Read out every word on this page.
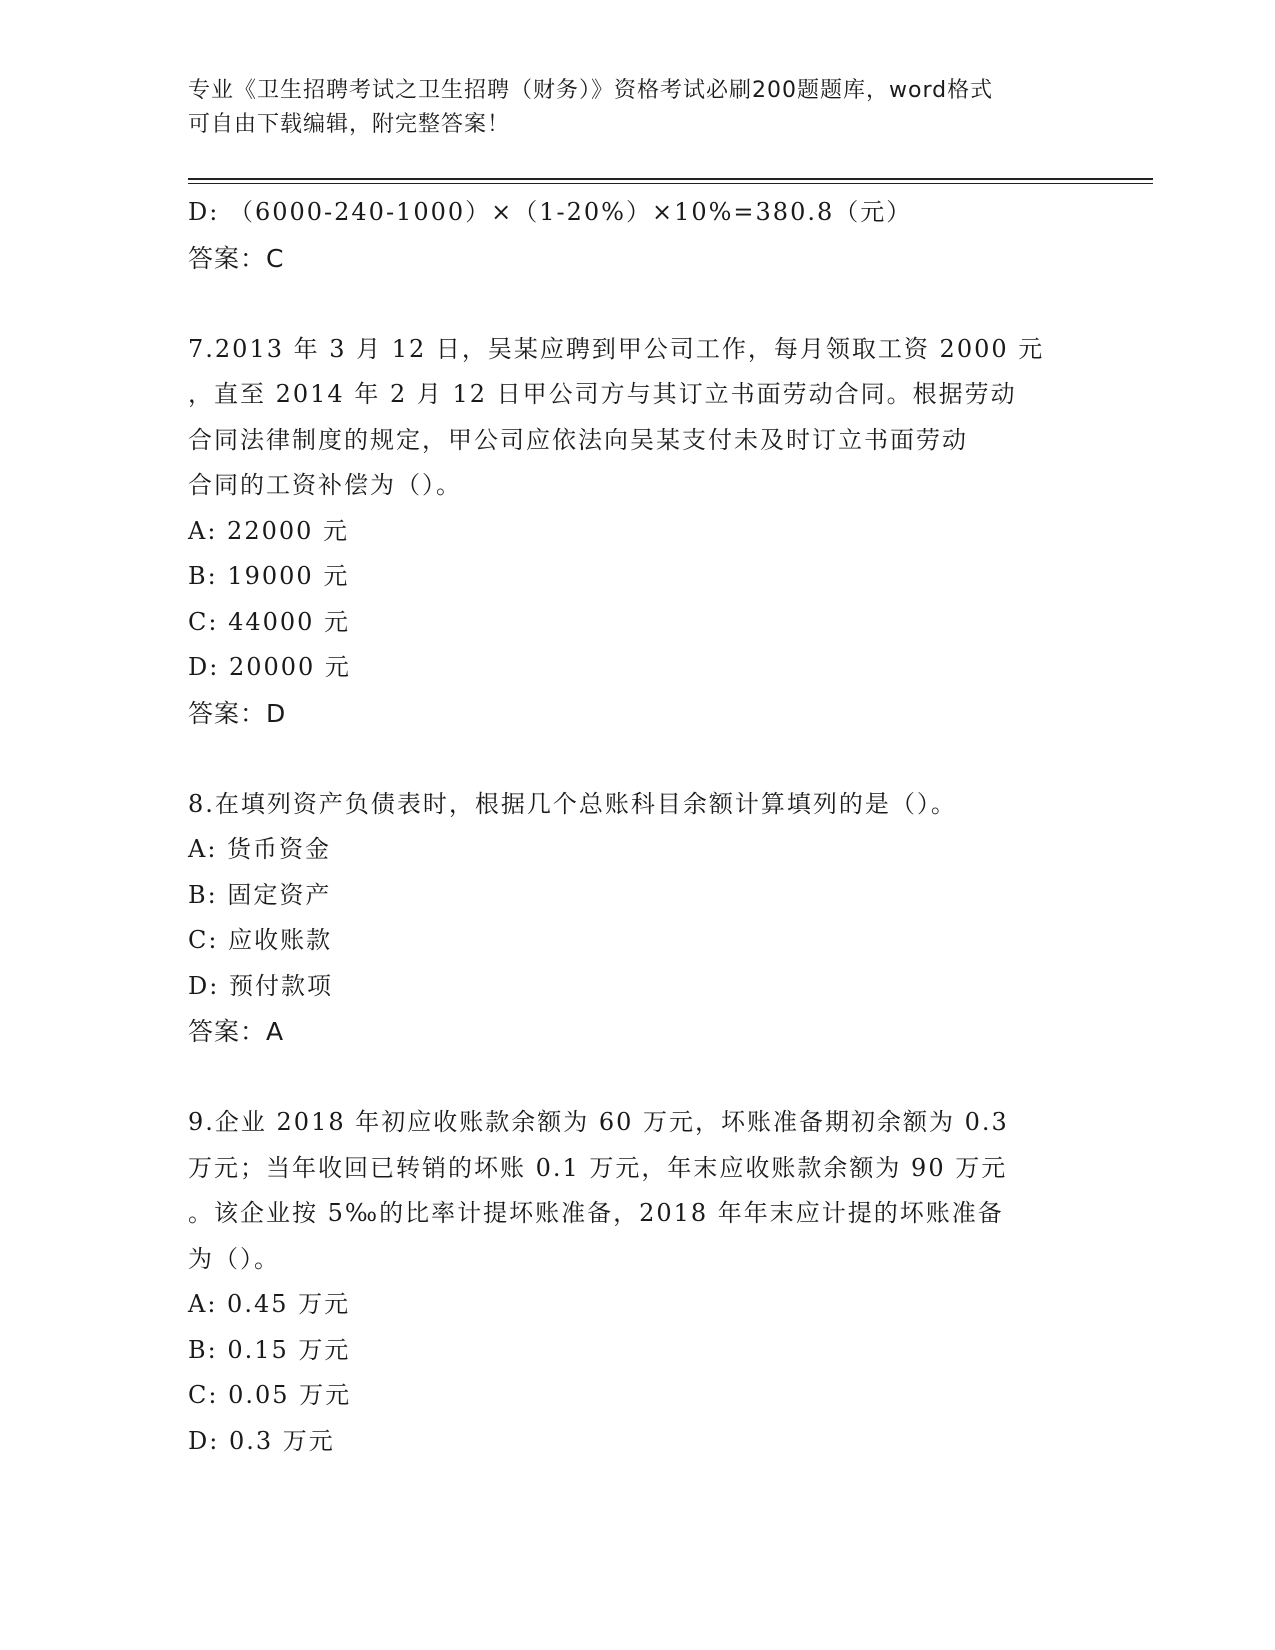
专业《卫生招聘考试之卫生招聘（财务）》资格考试必刷200题题库，word格式
可自由下载编辑，附完整答案！
D: （6000-240-1000）×（1-20%）×10%=380.8（元）
答案：C
7.2013 年 3 月 12 日，吴某应聘到甲公司工作，每月领取工资 2000 元
，直至 2014 年 2 月 12 日甲公司方与其订立书面劳动合同。根据劳动
合同法律制度的规定，甲公司应依法向吴某支付未及时订立书面劳动
合同的工资补偿为（）。
A: 22000 元
B: 19000 元
C: 44000 元
D: 20000 元
答案：D
8.在填列资产负债表时，根据几个总账科目余额计算填列的是（）。
A: 货币资金
B: 固定资产
C: 应收账款
D: 预付款项
答案：A
9.企业 2018 年初应收账款余额为 60 万元，坏账准备期初余额为 0.3
万元；当年收回已转销的坏账 0.1 万元，年末应收账款余额为 90 万元
。该企业按 5‰的比率计提坏账准备，2018 年年末应计提的坏账准备
为（）。
A: 0.45 万元
B: 0.15 万元
C: 0.05 万元
D: 0.3 万元
